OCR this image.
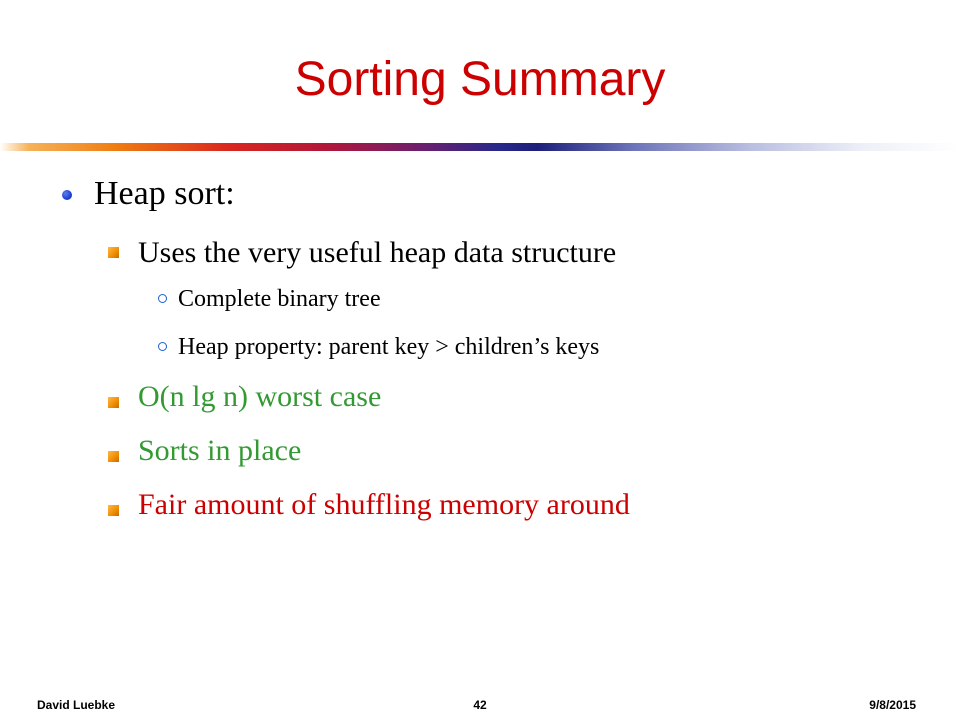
Sorting Summary
Heap sort:
Uses the very useful heap data structure
Complete binary tree
Heap property: parent key > children’s keys
O(n lg n) worst case
Sorts in place
Fair amount of shuffling memory around
David Luebke	42	9/8/2015
